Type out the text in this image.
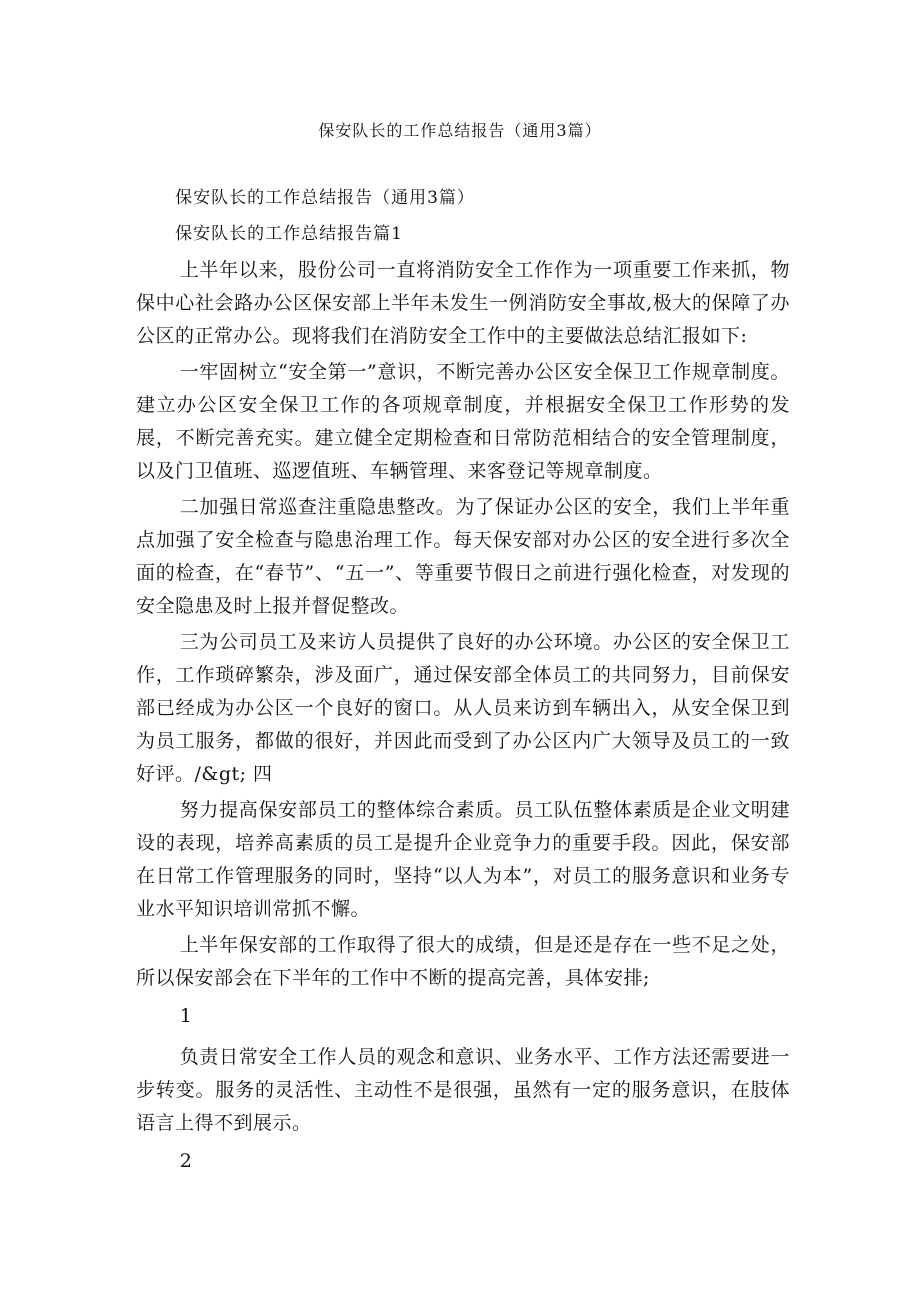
保安队长的工作总结报告（通用3篇）

保安队长的工作总结报告（通用3篇）

保安队长的工作总结报告篇1

上半年以来，股份公司一直将消防安全工作作为一项重要工作来抓，物保中心社会路办公区保安部上半年未发生一例消防安全事故,极大的保障了办公区的正常办公。现将我们在消防安全工作中的主要做法总结汇报如下:

一牢固树立“安全第一”意识，不断完善办公区安全保卫工作规章制度。建立办公区安全保卫工作的各项规章制度，并根据安全保卫工作形势的发展，不断完善充实。建立健全定期检查和日常防范相结合的安全管理制度，以及门卫值班、巡逻值班、车辆管理、来客登记等规章制度。

二加强日常巡查注重隐患整改。为了保证办公区的安全，我们上半年重点加强了安全检查与隐患治理工作。每天保安部对办公区的安全进行多次全面的检查，在“春节”、“五一”、等重要节假日之前进行强化检查，对发现的安全隐患及时上报并督促整改。

三为公司员工及来访人员提供了良好的办公环境。办公区的安全保卫工作，工作琐碎繁杂，涉及面广，通过保安部全体员工的共同努力，目前保安部已经成为办公区一个良好的窗口。从人员来访到车辆出入，从安全保卫到为员工服务，都做的很好，并因此而受到了办公区内广大领导及员工的一致好评。/&gt; 四

努力提高保安部员工的整体综合素质。员工队伍整体素质是企业文明建设的表现，培养高素质的员工是提升企业竞争力的重要手段。因此，保安部在日常工作管理服务的同时，坚持“以人为本”，对员工的服务意识和业务专业水平知识培训常抓不懈。

上半年保安部的工作取得了很大的成绩，但是还是存在一些不足之处，所以保安部会在下半年的工作中不断的提高完善，具体安排;

1

负责日常安全工作人员的观念和意识、业务水平、工作方法还需要进一步转变。服务的灵活性、主动性不是很强，虽然有一定的服务意识，在肢体语言上得不到展示。

2
